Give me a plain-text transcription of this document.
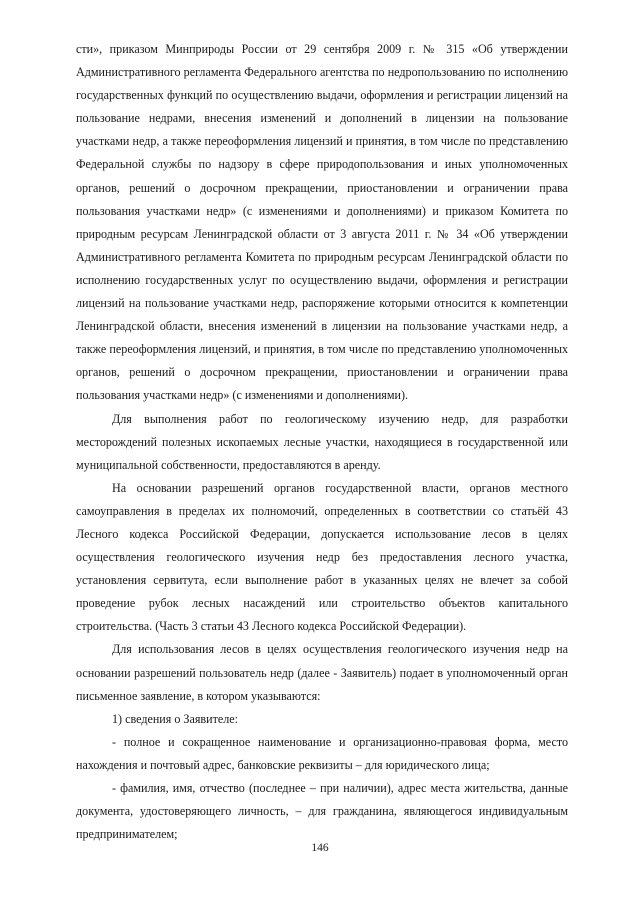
сти», приказом Минприроды России от 29 сентября 2009 г. № 315 «Об утверждении Административного регламента Федерального агентства по недропользованию по исполнению государственных функций по осуществлению выдачи, оформления и регистрации лицензий на пользование недрами, внесения изменений и дополнений в лицензии на пользование участками недр, а также переоформления лицензий и принятия, в том числе по представлению Федеральной службы по надзору в сфере природопользования и иных уполномоченных органов, решений о досрочном прекращении, приостановлении и ограничении права пользования участками недр» (с изменениями и дополнениями) и приказом Комитета по природным ресурсам Ленинградской области от 3 августа 2011 г. № 34 «Об утверждении Административного регламента Комитета по природным ресурсам Ленинградской области по исполнению государственных услуг по осуществлению выдачи, оформления и регистрации лицензий на пользование участками недр, распоряжение которыми относится к компетенции Ленинградской области, внесения изменений в лицензии на пользование участками недр, а также переоформления лицензий, и принятия, в том числе по представлению уполномоченных органов, решений о досрочном прекращении, приостановлении и ограничении права пользования участками недр» (с изменениями и дополнениями).

Для выполнения работ по геологическому изучению недр, для разработки месторождений полезных ископаемых лесные участки, находящиеся в государственной или муниципальной собственности, предоставляются в аренду.

На основании разрешений органов государственной власти, органов местного самоуправления в пределах их полномочий, определенных в соответствии со статьёй 43 Лесного кодекса Российской Федерации, допускается использование лесов в целях осуществления геологического изучения недр без предоставления лесного участка, установления сервитута, если выполнение работ в указанных целях не влечет за собой проведение рубок лесных насаждений или строительство объектов капитального строительства. (Часть 3 статьи 43 Лесного кодекса Российской Федерации).

Для использования лесов в целях осуществления геологического изучения недр на основании разрешений пользователь недр (далее - Заявитель) подает в уполномоченный орган письменное заявление, в котором указываются:

1) сведения о Заявителе:

- полное и сокращенное наименование и организационно-правовая форма, место нахождения и почтовый адрес, банковские реквизиты – для юридического лица;

- фамилия, имя, отчество (последнее – при наличии), адрес места жительства, данные документа, удостоверяющего личность, – для гражданина, являющегося индивидуальным предпринимателем;

146
